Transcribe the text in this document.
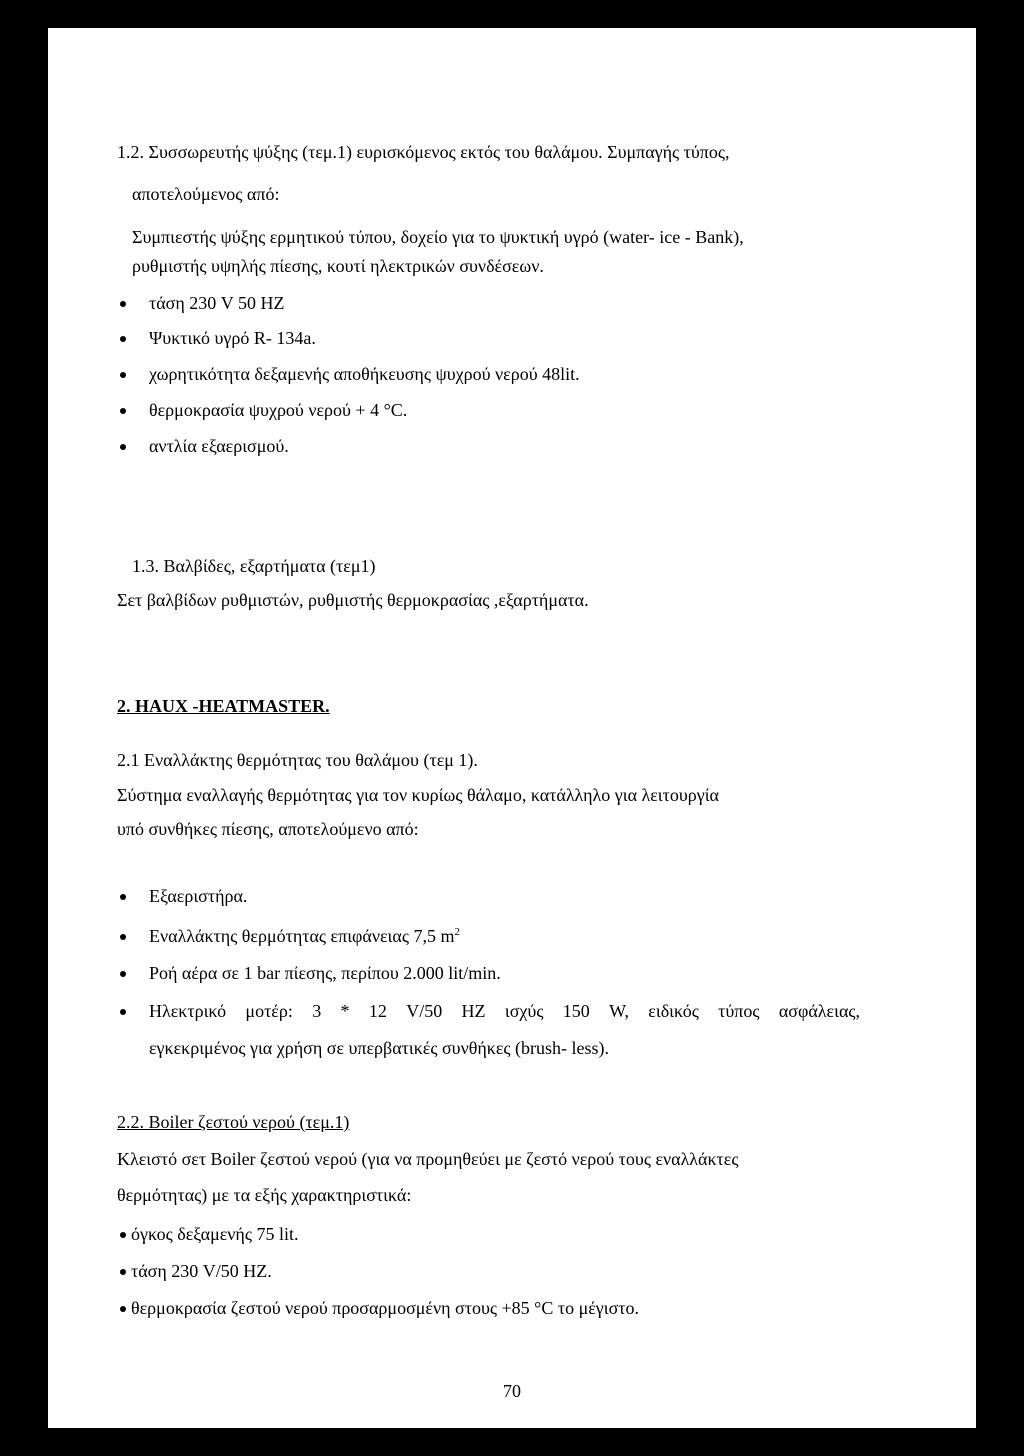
1.2. Συσσωρευτής ψύξης (τεμ.1) ευρισκόμενος εκτός του θαλάμου. Συμπαγής τύπος,
αποτελούμενος από:
Συμπιεστής ψύξης ερμητικού τύπου, δοχείο για το ψυκτική υγρό (water- ice - Bank),
ρυθμιστής υψηλής πίεσης, κουτί ηλεκτρικών συνδέσεων.
τάση 230 V 50 HZ
Ψυκτικό υγρό R- 134a.
χωρητικότητα δεξαμενής αποθήκευσης ψυχρού νερού 48lit.
θερμοκρασία ψυχρού νερού + 4 °C.
αντλία εξαερισμού.
1.3. Βαλβίδες, εξαρτήματα (τεμ1)
Σετ βαλβίδων ρυθμιστών, ρυθμιστής θερμοκρασίας ,εξαρτήματα.
2. HAUX -HEATMASTER.
2.1 Εναλλάκτης θερμότητας του θαλάμου (τεμ 1).
Σύστημα εναλλαγής θερμότητας για τον κυρίως θάλαμο, κατάλληλο για λειτουργία
υπό συνθήκες πίεσης, αποτελούμενο από:
Εξαεριστήρα.
Εναλλάκτης θερμότητας επιφάνειας 7,5 $m^2$
Ροή αέρα σε 1 bar πίεσης, περίπου 2.000 lit/min.
Ηλεκτρικό μοτέρ: 3 * 12 V/50 HZ ισχύς 150 W, ειδικός τύπος ασφάλειας,
εγκεκριμένος για χρήση σε υπερβατικές συνθήκες (brush- less).
2.2. Boiler ζεστού νερού (τεμ.1)
Κλειστό σετ Boiler ζεστού νερού (για να προμηθεύει με ζεστό νερού τους εναλλάκτες
θερμότητας) με τα εξής χαρακτηριστικά:
όγκος δεξαμενής 75 lit.
τάση 230 V/50 HZ.
θερμοκρασία ζεστού νερού προσαρμοσμένη στους +85 °C το μέγιστο.
70
